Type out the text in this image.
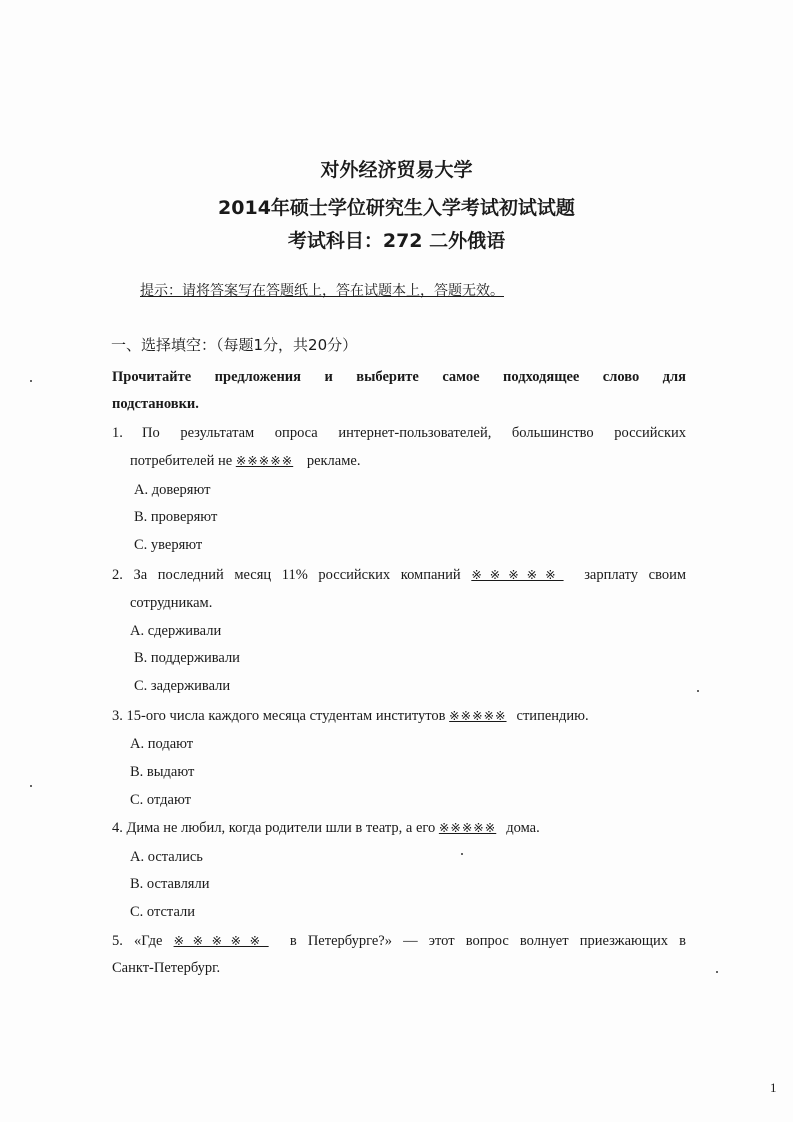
对外经济贸易大学
2014年硕士学位研究生入学考试初试试题
考试科目：272 二外俄语
提示：请将答案写在答题纸上，答在试题本上，答题无效。
一、选择填空：（每题1分，共20分）
Прочитайте предложения и выберите самое подходящее слово для
подстановки.
1. По результатам опроса интернет-пользователей, большинство российских
потребителей не ※※※※※ рекламе.
А. доверяют
В. проверяют
С. уверяют
2. За последний месяц 11% российских компаний ※※※※※ зарплату своим
сотрудникам.
А. сдерживали
В. поддерживали
С. задерживали
3. 15-ого числа каждого месяца студентам институтов ※※※※※ стипендию.
А. подают
В. выдают
С. отдают
4. Дима не любил, когда родители шли в театр, а его ※※※※※ дома.
А. остались
В. оставляли
С. отстали
5. «Где ※※※※※ в Петербурге?» — этот вопрос волнует приезжающих в
Санкт-Петербург.
1
